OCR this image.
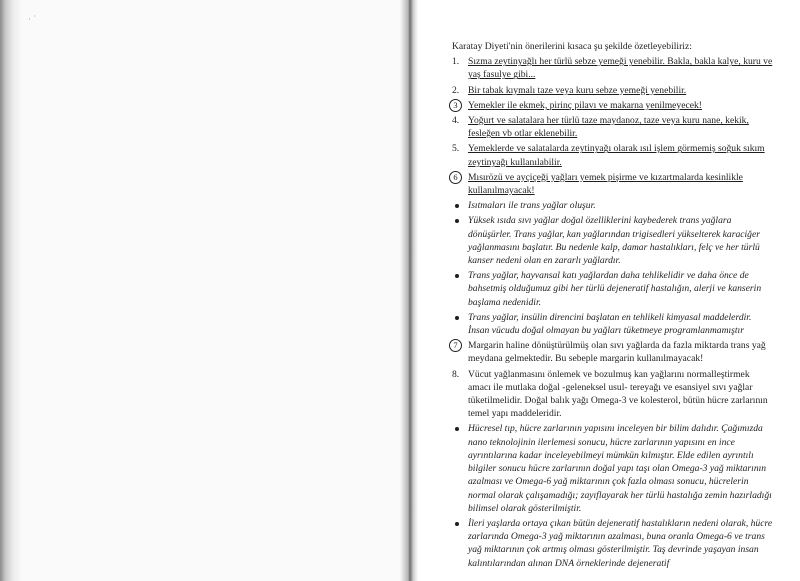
· ˙

Karatay Diyeti'nin önerilerini kısaca şu şekilde özetleyebiliriz:

1. Sızma zeytinyağlı her türlü sebze yemeği yenebilir. Bakla, bakla kalye, kuru ve yaş fasulye gibi...
2. Bir tabak kıymalı taze veya kuru sebze yemeği yenebilir.
3	Yemekler ile ekmek, pirinç pilavı ve makarna yenilmeyecek!
4. Yoğurt ve salatalara her türlü taze maydanoz, taze veya kuru nane, kekik, fesleğen vb otlar eklenebilir.
5. Yemeklerde ve salatalarda zeytinyağı olarak ısıl işlem görmemiş soğuk sıkım zeytinyağı kullanılabilir.
6	Mısırözü ve ayçiçeği yağları yemek pişirme ve kızartmalarda kesinlikle kullanılmayacak!
Isıtmaları ile trans yağlar oluşur.
Yüksek ısıda sıvı yağlar doğal özelliklerini kaybederek trans yağlara dönüşürler. Trans yağlar, kan yağlarından trigisedleri yükselterek karaciğer yağlanmasını başlatır. Bu nedenle kalp, damar hastalıkları, felç ve her türlü kanser nedeni olan en zararlı yağlardır.
Trans yağlar, hayvansal katı yağlardan daha tehlikelidir ve daha önce de bahsetmiş olduğumuz gibi her türlü dejeneratif hastalığın, alerji ve kanserin başlama nedenidir.
Trans yağlar, insülin direncini başlatan en tehlikeli kimyasal maddelerdir. İnsan vücudu doğal olmayan bu yağları tüketmeye programlanmamıştır
7	Margarin haline dönüştürülmüş olan sıvı yağlarda da fazla miktarda trans yağ meydana gelmektedir. Bu sebeple margarin kullanılmayacak!
8. Vücut yağlanmasını önlemek ve bozulmuş kan yağlarını normalleştirmek amacı ile mutlaka doğal -geleneksel usul- tereyağı ve esansiyel sıvı yağlar tüketilmelidir. Doğal balık yağı Omega-3 ve kolesterol, bütün hücre zarlarının temel yapı maddeleridir.
Hücresel tıp, hücre zarlarının yapısını inceleyen bir bilim dalıdır. Çağımızda nano teknolojinin ilerlemesi sonucu, hücre zarlarının yapısını en ince ayrıntılarına kadar inceleyebilmeyi mümkün kılmıştır. Elde edilen ayrıntılı bilgiler sonucu hücre zarlarının doğal yapı taşı olan Omega-3 yağ miktarının azalması ve Omega-6 yağ miktarının çok fazla olması sonucu, hücrelerin normal olarak çalışamadığı; zayıflayarak her türlü hastalığa zemin hazırladığı bilimsel olarak gösterilmiştir.
İleri yaşlarda ortaya çıkan bütün dejeneratif hastalıkların nedeni olarak, hücre zarlarında Omega-3 yağ miktarının azalması, buna oranla Omega-6 ve trans yağ miktarının çok artmış olması gösterilmiştir. Taş devrinde yaşayan insan kalıntılarından alınan DNA örneklerinde dejeneratif
